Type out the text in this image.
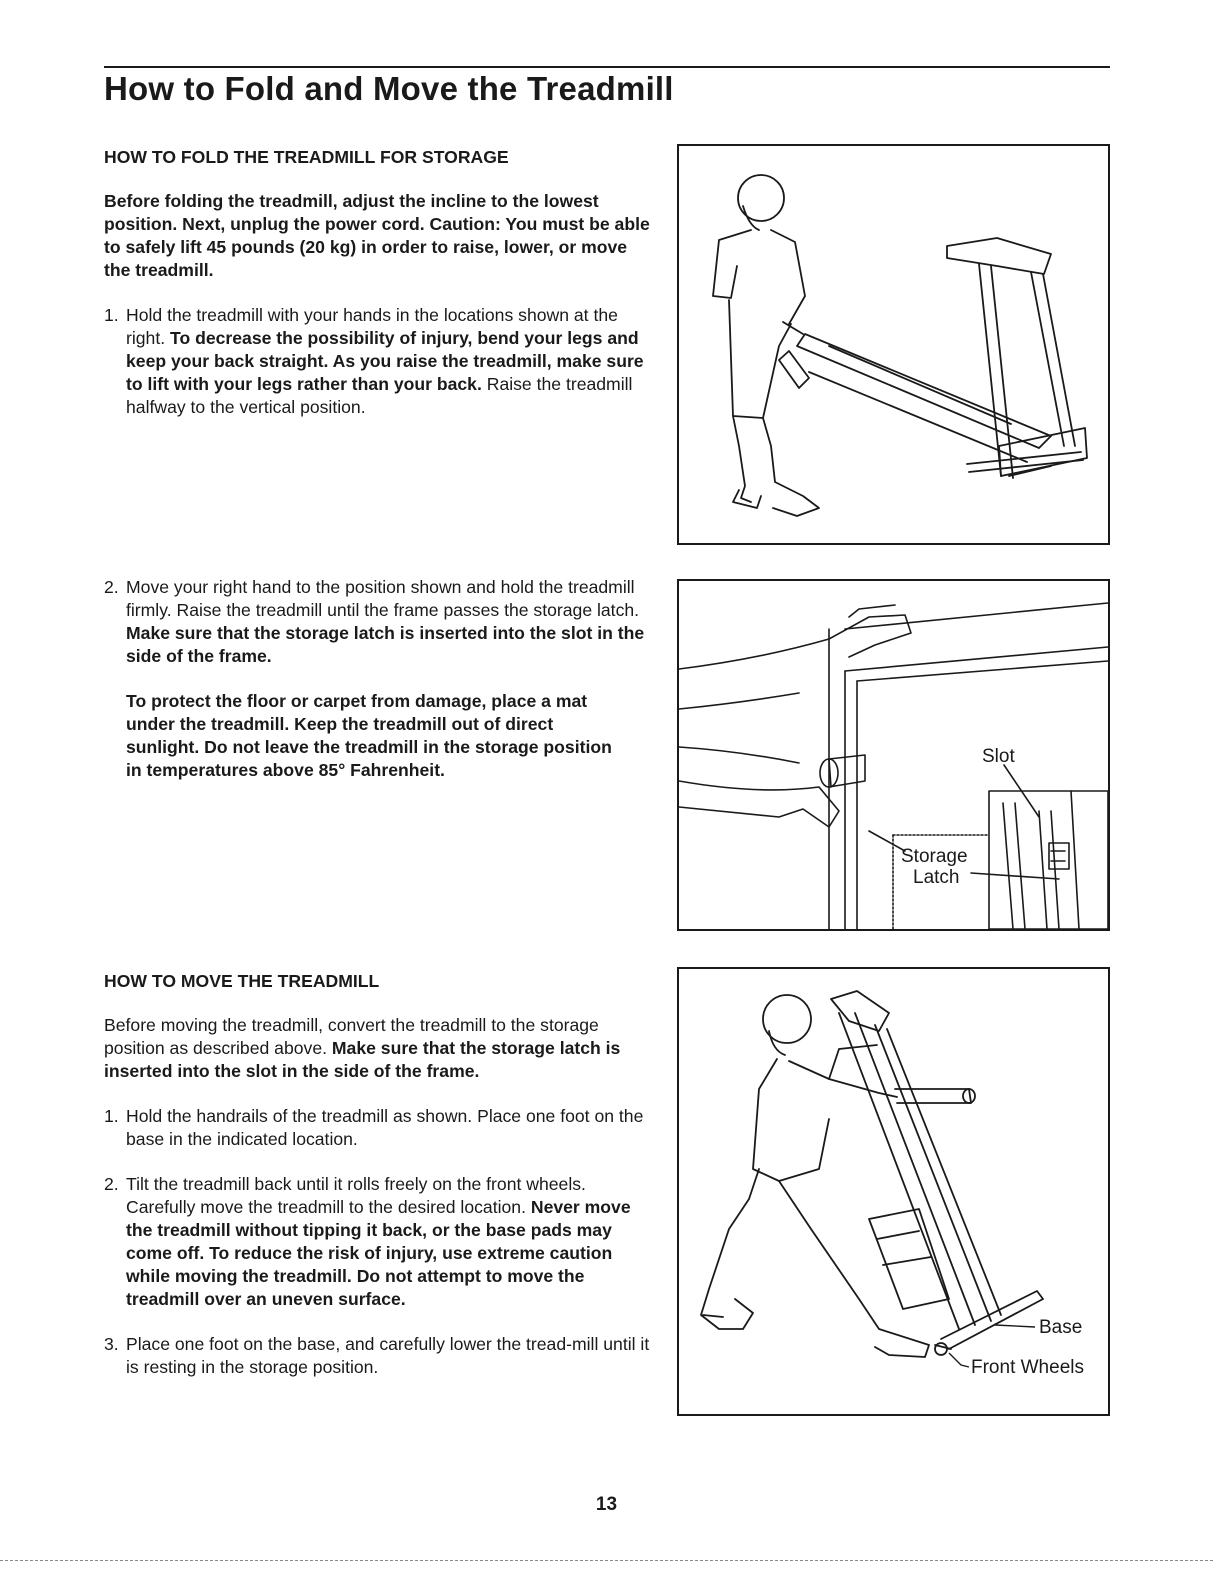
How to Fold and Move the Treadmill

HOW TO FOLD THE TREADMILL FOR STORAGE

Before folding the treadmill, adjust the incline to the lowest position. Next, unplug the power cord. Caution: You must be able to safely lift 45 pounds (20 kg) in order to raise, lower, or move the treadmill.

1. Hold the treadmill with your hands in the locations shown at the right. To decrease the possibility of injury, bend your legs and keep your back straight. As you raise the treadmill, make sure to lift with your legs rather than your back. Raise the treadmill halfway to the vertical position.
2. Move your right hand to the position shown and hold the treadmill firmly. Raise the treadmill until the frame passes the storage latch. Make sure that the storage latch is inserted into the slot in the side of the frame.

To protect the floor or carpet from damage, place a mat under the treadmill. Keep the treadmill out of direct sunlight. Do not leave the treadmill in the storage position in temperatures above 85° Fahrenheit.

HOW TO MOVE THE TREADMILL

Before moving the treadmill, convert the treadmill to the storage position as described above. Make sure that the storage latch is inserted into the slot in the side of the frame.

1. Hold the handrails of the treadmill as shown. Place one foot on the base in the indicated location.
2. Tilt the treadmill back until it rolls freely on the front wheels. Carefully move the treadmill to the desired location. Never move the treadmill without tipping it back, or the base pads may come off. To reduce the risk of injury, use extreme caution while moving the treadmill. Do not attempt to move the treadmill over an uneven surface.
3. Place one foot on the base, and carefully lower the tread-mill until it is resting in the storage position.
Slot
Storage
Latch
Base
Front Wheels
13
